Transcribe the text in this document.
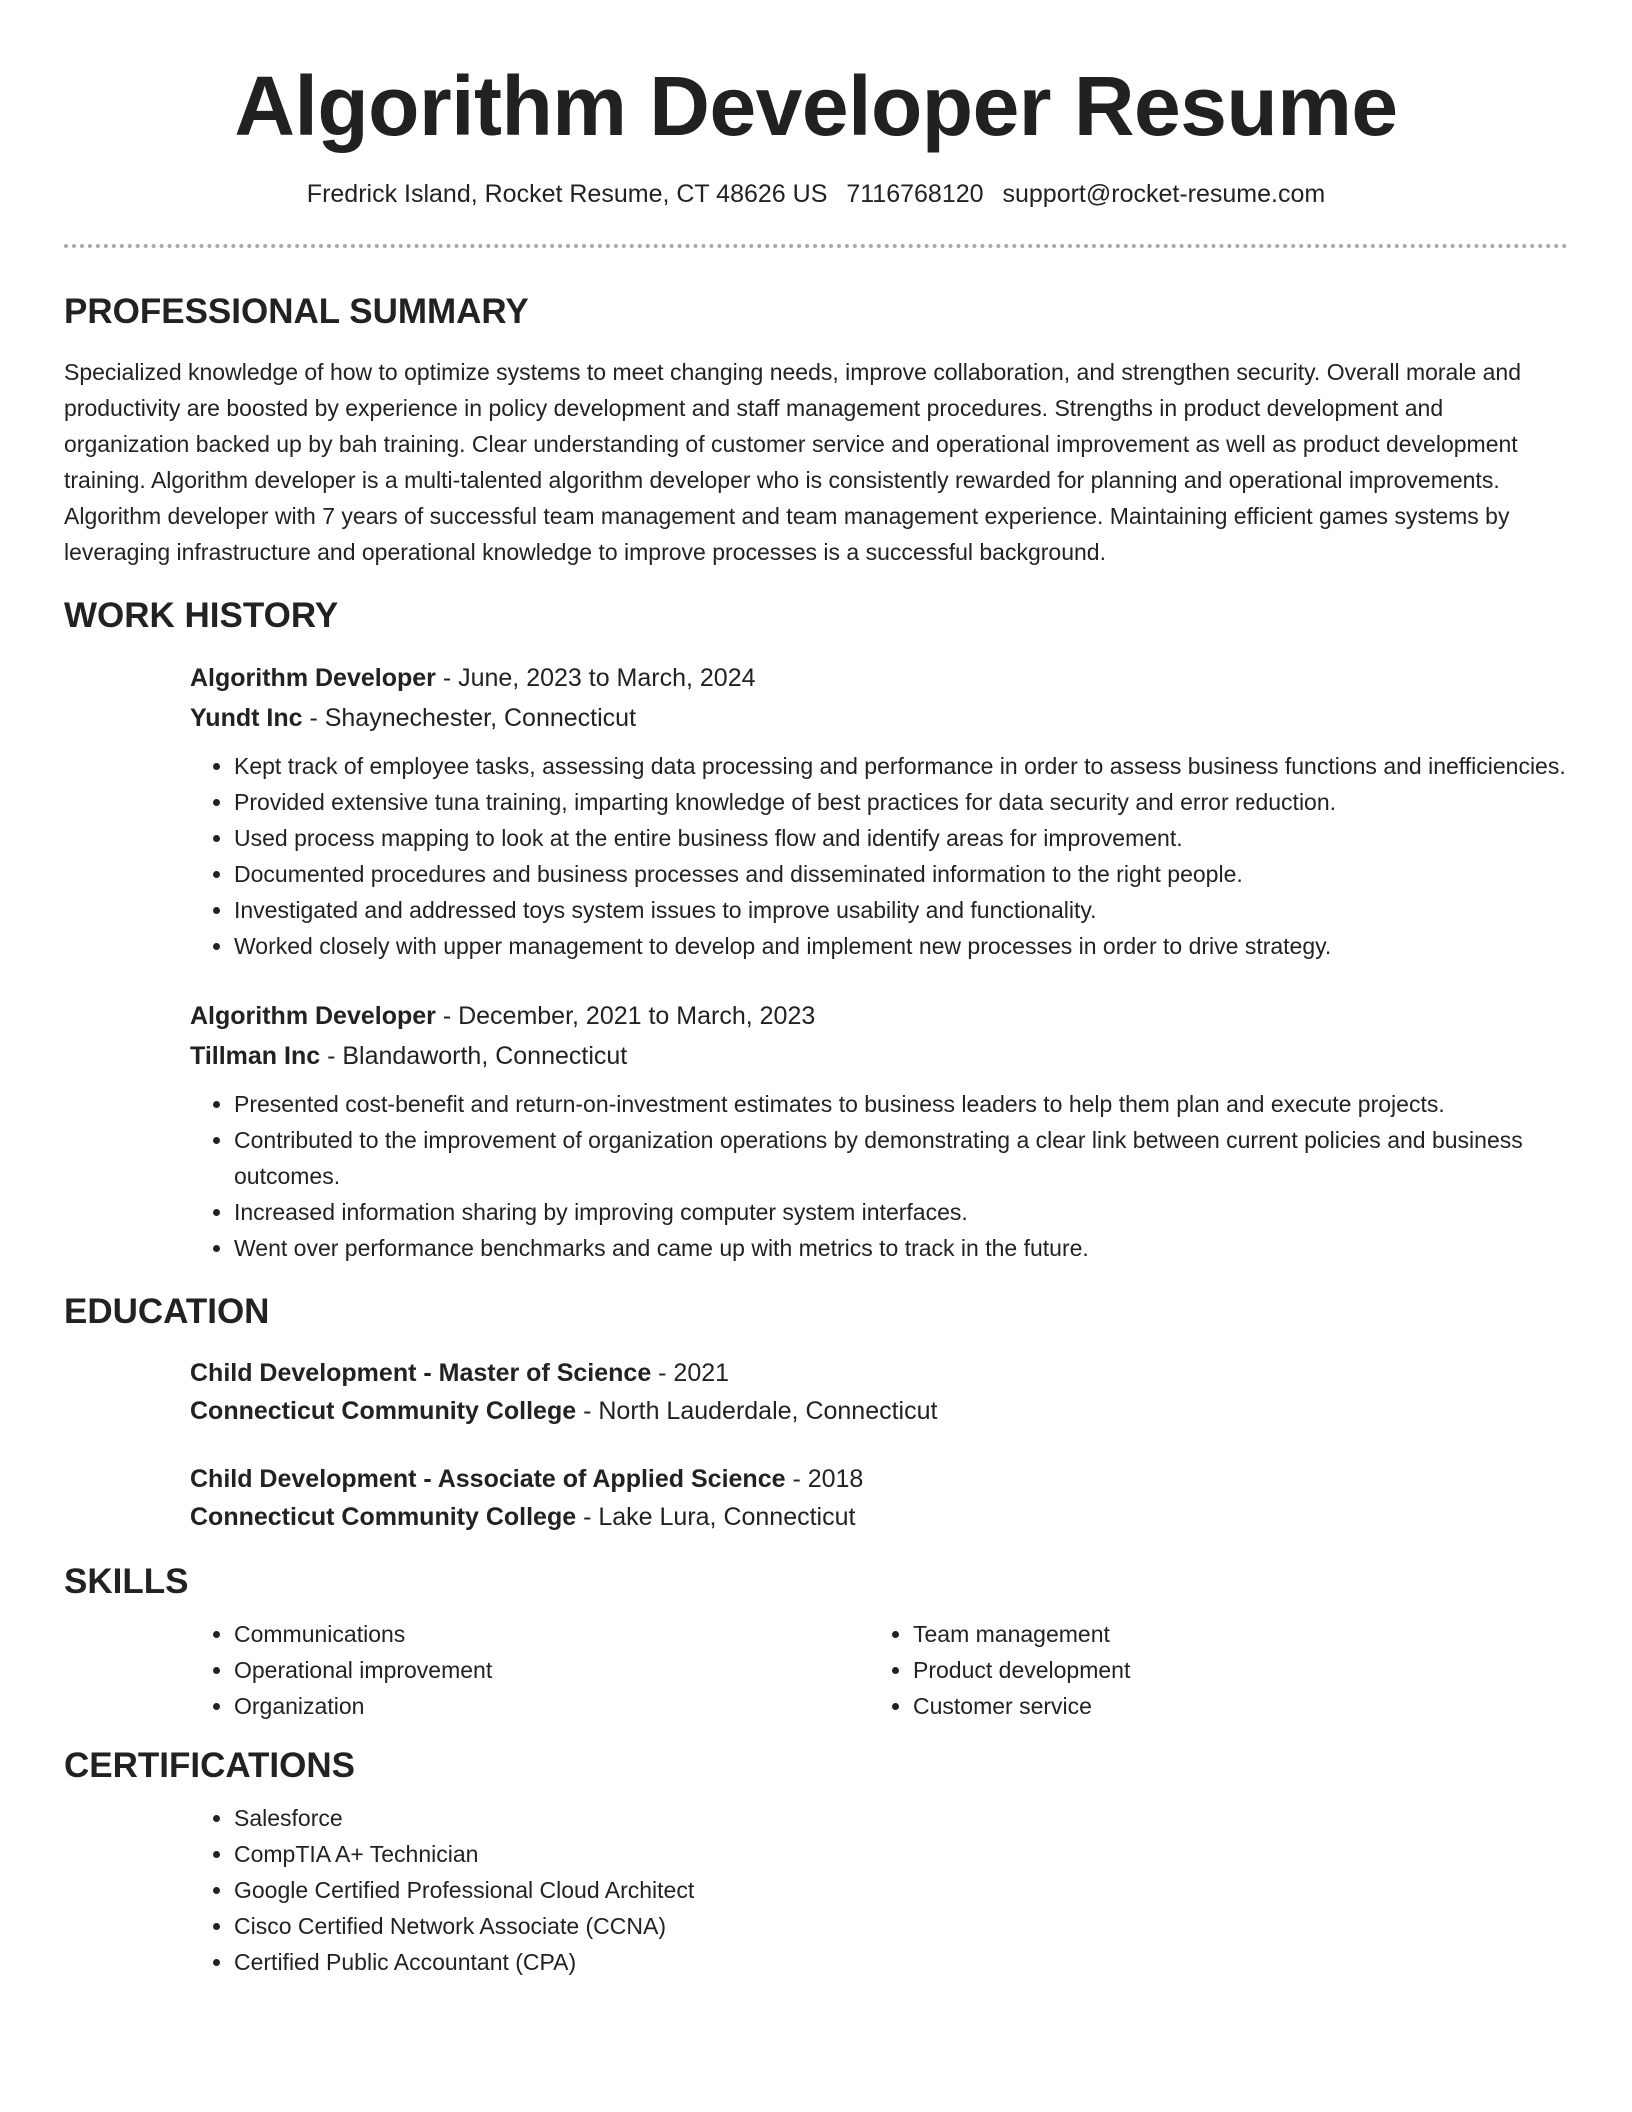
Algorithm Developer Resume
Fredrick Island, Rocket Resume, CT 48626 US 7116768120 support@rocket-resume.com
PROFESSIONAL SUMMARY

Specialized knowledge of how to optimize systems to meet changing needs, improve collaboration, and strengthen security. Overall morale and productivity are boosted by experience in policy development and staff management procedures. Strengths in product development and organization backed up by bah training. Clear understanding of customer service and operational improvement as well as product development training. Algorithm developer is a multi-talented algorithm developer who is consistently rewarded for planning and operational improvements. Algorithm developer with 7 years of successful team management and team management experience. Maintaining efficient games systems by leveraging infrastructure and operational knowledge to improve processes is a successful background.

WORK HISTORY
Algorithm Developer - June, 2023 to March, 2024
Yundt Inc - Shaynechester, Connecticut
• Kept track of employee tasks, assessing data processing and performance in order to assess business functions and inefficiencies.
• Provided extensive tuna training, imparting knowledge of best practices for data security and error reduction.
• Used process mapping to look at the entire business flow and identify areas for improvement.
• Documented procedures and business processes and disseminated information to the right people.
• Investigated and addressed toys system issues to improve usability and functionality.
• Worked closely with upper management to develop and implement new processes in order to drive strategy.
Algorithm Developer - December, 2021 to March, 2023
Tillman Inc - Blandaworth, Connecticut
• Presented cost-benefit and return-on-investment estimates to business leaders to help them plan and execute projects.
• Contributed to the improvement of organization operations by demonstrating a clear link between current policies and business outcomes.
• Increased information sharing by improving computer system interfaces.
• Went over performance benchmarks and came up with metrics to track in the future.
EDUCATION
Child Development - Master of Science - 2021
Connecticut Community College - North Lauderdale, Connecticut
Child Development - Associate of Applied Science - 2018
Connecticut Community College - Lake Lura, Connecticut
SKILLS
• Communications
• Operational improvement
• Organization
• Team management
• Product development
• Customer service
CERTIFICATIONS
• Salesforce
• CompTIA A+ Technician
• Google Certified Professional Cloud Architect
• Cisco Certified Network Associate (CCNA)
• Certified Public Accountant (CPA)
